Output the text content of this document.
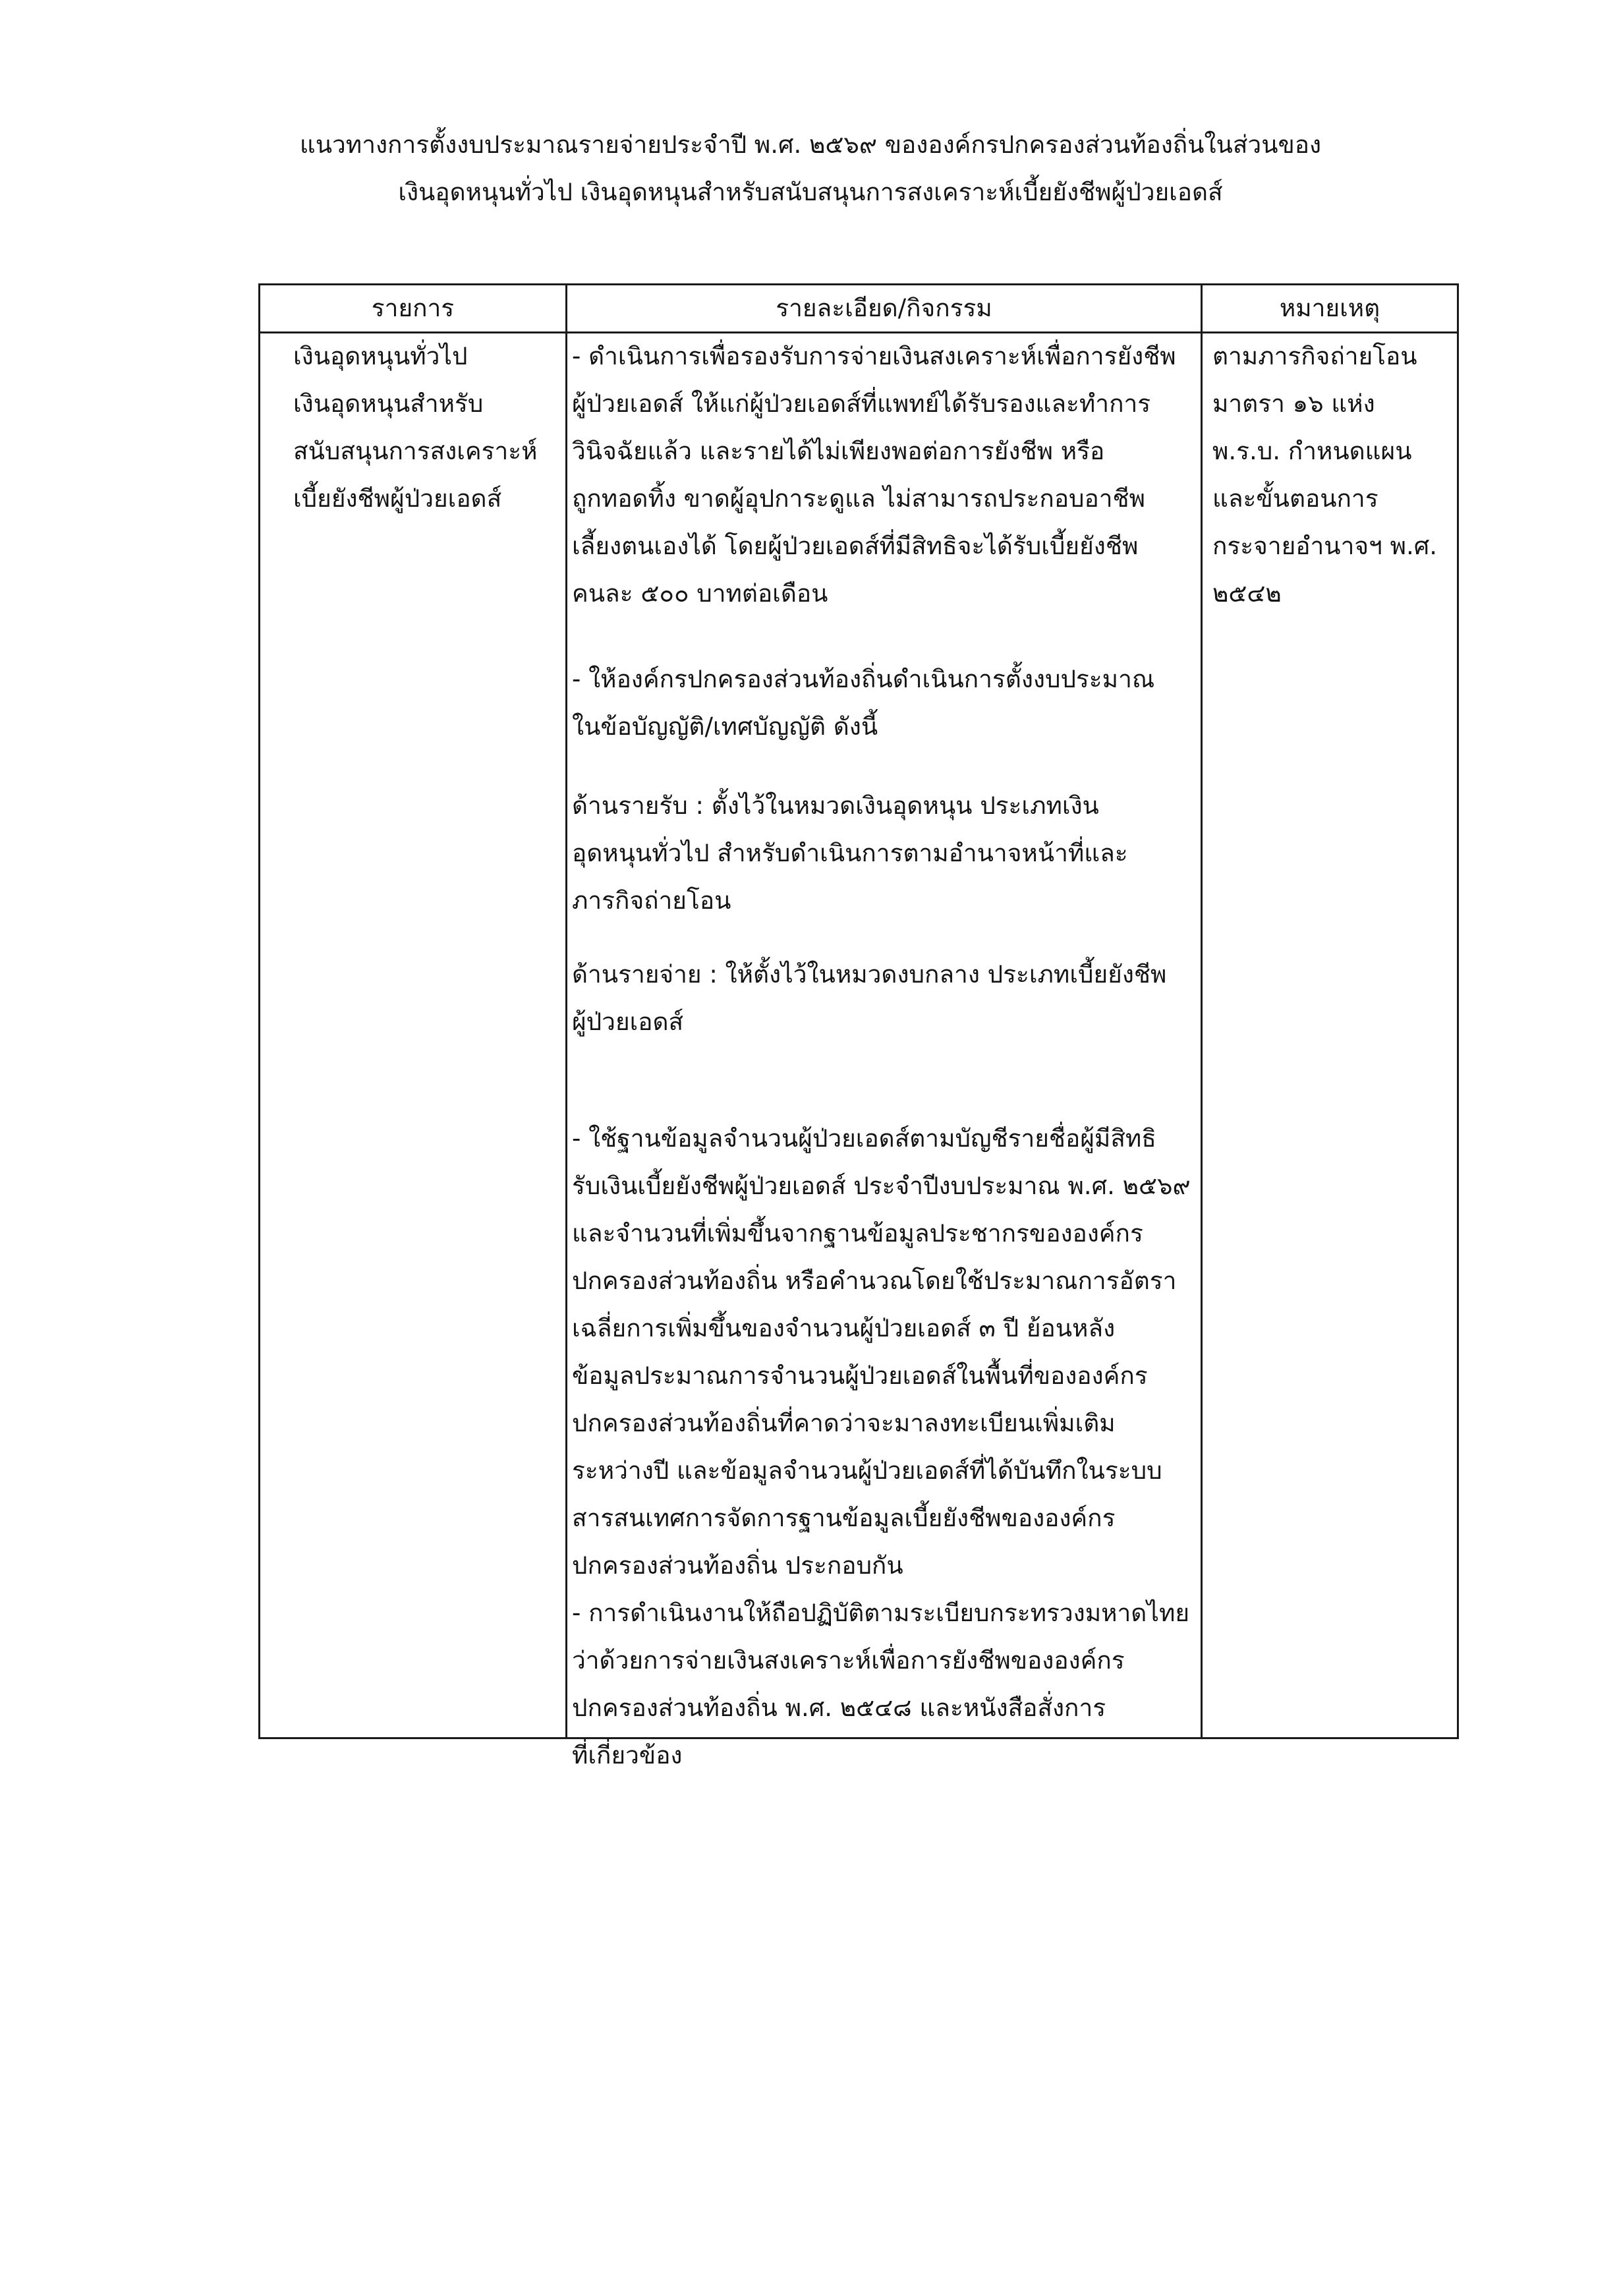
แนวทางการตั้งงบประมาณรายจ่ายประจำปี พ.ศ. ๒๕๖๙ ขององค์กรปกครองส่วนท้องถิ่นในส่วนของ
เงินอุดหนุนทั่วไป เงินอุดหนุนสำหรับสนับสนุนการสงเคราะห์เบี้ยยังชีพผู้ป่วยเอดส์
รายการ	รายละเอียด/กิจกรรม	หมายเหตุ
เงินอุดหนุนทั่วไป
เงินอุดหนุนสำหรับ
สนับสนุนการสงเคราะห์
เบี้ยยังชีพผู้ป่วยเอดส์
- ดำเนินการเพื่อรองรับการจ่ายเงินสงเคราะห์เพื่อการยังชีพ
ผู้ป่วยเอดส์ ให้แก่ผู้ป่วยเอดส์ที่แพทย์ได้รับรองและทำการ
วินิจฉัยแล้ว และรายได้ไม่เพียงพอต่อการยังชีพ หรือ
ถูกทอดทิ้ง ขาดผู้อุปการะดูแล ไม่สามารถประกอบอาชีพ
เลี้ยงตนเองได้ โดยผู้ป่วยเอดส์ที่มีสิทธิจะได้รับเบี้ยยังชีพ
คนละ ๕๐๐ บาทต่อเดือน
- ให้องค์กรปกครองส่วนท้องถิ่นดำเนินการตั้งงบประมาณ
ในข้อบัญญัติ/เทศบัญญัติ ดังนี้
ด้านรายรับ : ตั้งไว้ในหมวดเงินอุดหนุน ประเภทเงิน
อุดหนุนทั่วไป สำหรับดำเนินการตามอำนาจหน้าที่และ
ภารกิจถ่ายโอน
ด้านรายจ่าย : ให้ตั้งไว้ในหมวดงบกลาง ประเภทเบี้ยยังชีพ
ผู้ป่วยเอดส์
- ใช้ฐานข้อมูลจำนวนผู้ป่วยเอดส์ตามบัญชีรายชื่อผู้มีสิทธิ
รับเงินเบี้ยยังชีพผู้ป่วยเอดส์ ประจำปีงบประมาณ พ.ศ. ๒๕๖๙
และจำนวนที่เพิ่มขึ้นจากฐานข้อมูลประชากรขององค์กร
ปกครองส่วนท้องถิ่น หรือคำนวณโดยใช้ประมาณการอัตรา
เฉลี่ยการเพิ่มขึ้นของจำนวนผู้ป่วยเอดส์ ๓ ปี ย้อนหลัง
ข้อมูลประมาณการจำนวนผู้ป่วยเอดส์ในพื้นที่ขององค์กร
ปกครองส่วนท้องถิ่นที่คาดว่าจะมาลงทะเบียนเพิ่มเติม
ระหว่างปี และข้อมูลจำนวนผู้ป่วยเอดส์ที่ได้บันทึกในระบบ
สารสนเทศการจัดการฐานข้อมูลเบี้ยยังชีพขององค์กร
ปกครองส่วนท้องถิ่น ประกอบกัน
- การดำเนินงานให้ถือปฏิบัติตามระเบียบกระทรวงมหาดไทย
ว่าด้วยการจ่ายเงินสงเคราะห์เพื่อการยังชีพขององค์กร
ปกครองส่วนท้องถิ่น พ.ศ. ๒๕๔๘ และหนังสือสั่งการ
ที่เกี่ยวข้อง
ตามภารกิจถ่ายโอน
มาตรา ๑๖ แห่ง
พ.ร.บ. กำหนดแผน
และขั้นตอนการ
กระจายอำนาจฯ พ.ศ.
๒๕๔๒
